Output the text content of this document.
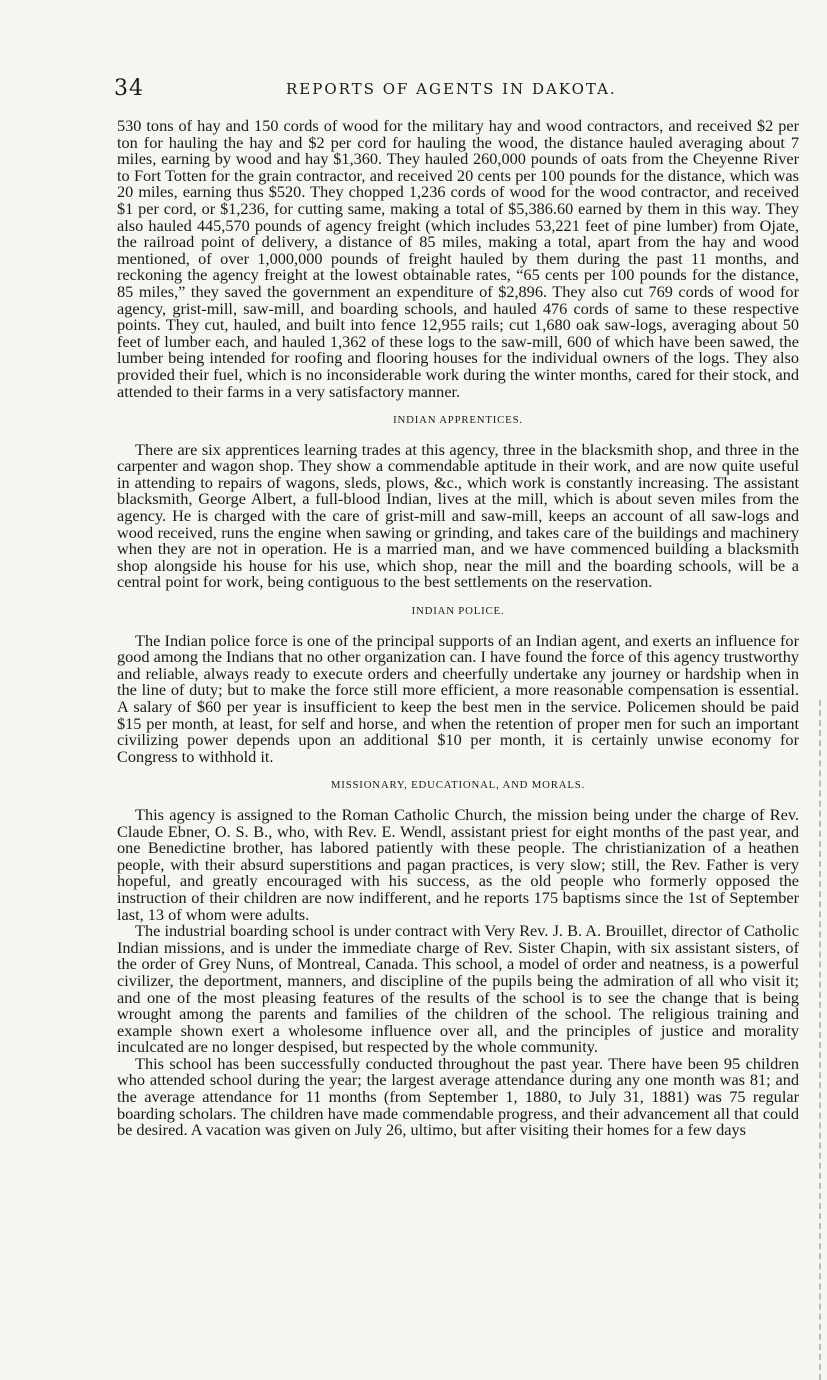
34	REPORTS OF AGENTS IN DAKOTA.

530 tons of hay and 150 cords of wood for the military hay and wood contractors, and received $2 per ton for hauling the hay and $2 per cord for hauling the wood, the distance hauled averaging about 7 miles, earning by wood and hay $1,360. They hauled 260,000 pounds of oats from the Cheyenne River to Fort Totten for the grain contractor, and received 20 cents per 100 pounds for the distance, which was 20 miles, earning thus $520. They chopped 1,236 cords of wood for the wood contractor, and received $1 per cord, or $1,236, for cutting same, making a total of $5,386.60 earned by them in this way. They also hauled 445,570 pounds of agency freight (which includes 53,221 feet of pine lumber) from Ojate, the railroad point of delivery, a distance of 85 miles, making a total, apart from the hay and wood mentioned, of over 1,000,000 pounds of freight hauled by them during the past 11 months, and reckoning the agency freight at the lowest obtainable rates, “65 cents per 100 pounds for the distance, 85 miles,” they saved the government an expenditure of $2,896. They also cut 769 cords of wood for agency, grist-mill, saw-mill, and boarding schools, and hauled 476 cords of same to these respective points. They cut, hauled, and built into fence 12,955 rails; cut 1,680 oak saw-logs, averaging about 50 feet of lumber each, and hauled 1,362 of these logs to the saw-mill, 600 of which have been sawed, the lumber being intended for roofing and flooring houses for the individual owners of the logs. They also provided their fuel, which is no inconsiderable work during the winter months, cared for their stock, and attended to their farms in a very satisfactory manner.

INDIAN APPRENTICES.

There are six apprentices learning trades at this agency, three in the blacksmith shop, and three in the carpenter and wagon shop. They show a commendable aptitude in their work, and are now quite useful in attending to repairs of wagons, sleds, plows, &c., which work is constantly increasing. The assistant blacksmith, George Albert, a full-blood Indian, lives at the mill, which is about seven miles from the agency. He is charged with the care of grist-mill and saw-mill, keeps an account of all saw-logs and wood received, runs the engine when sawing or grinding, and takes care of the buildings and machinery when they are not in operation. He is a married man, and we have commenced building a blacksmith shop alongside his house for his use, which shop, near the mill and the boarding schools, will be a central point for work, being contiguous to the best settlements on the reservation.

INDIAN POLICE.

The Indian police force is one of the principal supports of an Indian agent, and exerts an influence for good among the Indians that no other organization can. I have found the force of this agency trustworthy and reliable, always ready to execute orders and cheerfully undertake any journey or hardship when in the line of duty; but to make the force still more efficient, a more reasonable compensation is essential. A salary of $60 per year is insufficient to keep the best men in the service. Policemen should be paid $15 per month, at least, for self and horse, and when the retention of proper men for such an important civilizing power depends upon an additional $10 per month, it is certainly unwise economy for Congress to withhold it.

MISSIONARY, EDUCATIONAL, AND MORALS.

This agency is assigned to the Roman Catholic Church, the mission being under the charge of Rev. Claude Ebner, O. S. B., who, with Rev. E. Wendl, assistant priest for eight months of the past year, and one Benedictine brother, has labored patiently with these people. The christianization of a heathen people, with their absurd superstitions and pagan practices, is very slow; still, the Rev. Father is very hopeful, and greatly encouraged with his success, as the old people who formerly opposed the instruction of their children are now indifferent, and he reports 175 baptisms since the 1st of September last, 13 of whom were adults.

The industrial boarding school is under contract with Very Rev. J. B. A. Brouillet, director of Catholic Indian missions, and is under the immediate charge of Rev. Sister Chapin, with six assistant sisters, of the order of Grey Nuns, of Montreal, Canada. This school, a model of order and neatness, is a powerful civilizer, the deportment, manners, and discipline of the pupils being the admiration of all who visit it; and one of the most pleasing features of the results of the school is to see the change that is being wrought among the parents and families of the children of the school. The religious training and example shown exert a wholesome influence over all, and the principles of justice and morality inculcated are no longer despised, but respected by the whole community.

This school has been successfully conducted throughout the past year. There have been 95 children who attended school during the year; the largest average attendance during any one month was 81; and the average attendance for 11 months (from September 1, 1880, to July 31, 1881) was 75 regular boarding scholars. The children have made commendable progress, and their advancement all that could be desired. A vacation was given on July 26, ultimo, but after visiting their homes for a few days
